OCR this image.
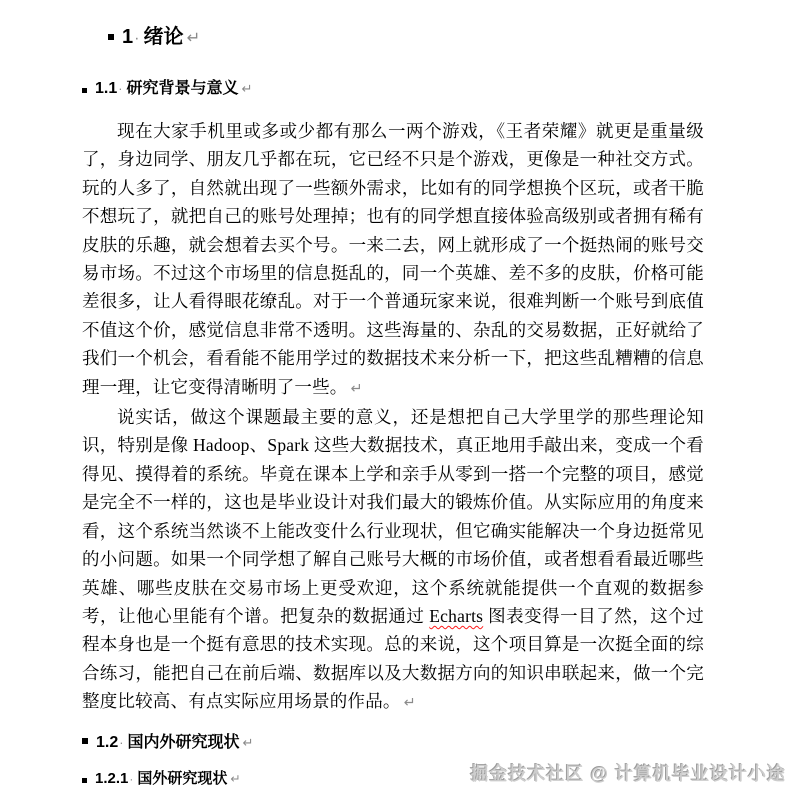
1· 绪论 ↵
1.1· 研究背景与意义 ↵

现在大家手机里或多或少都有那么一两个游戏，《王者荣耀》就更是重量级了，身边同学、朋友几乎都在玩，它已经不只是个游戏，更像是一种社交方式。玩的人多了，自然就出现了一些额外需求，比如有的同学想换个区玩，或者干脆不想玩了，就把自己的账号处理掉；也有的同学想直接体验高级别或者拥有稀有皮肤的乐趣，就会想着去买个号。一来二去，网上就形成了一个挺热闹的账号交易市场。不过这个市场里的信息挺乱的，同一个英雄、差不多的皮肤，价格可能差很多，让人看得眼花缭乱。对于一个普通玩家来说，很难判断一个账号到底值不值这个价，感觉信息非常不透明。这些海量的、杂乱的交易数据，正好就给了我们一个机会，看看能不能用学过的数据技术来分析一下，把这些乱糟糟的信息理一理，让它变得清晰明了一些。 ↵

说实话，做这个课题最主要的意义，还是想把自己大学里学的那些理论知识，特别是像 Hadoop、Spark 这些大数据技术，真正地用手敲出来，变成一个看得见、摸得着的系统。毕竟在课本上学和亲手从零到一搭一个完整的项目，感觉是完全不一样的，这也是毕业设计对我们最大的锻炼价值。从实际应用的角度来看，这个系统当然谈不上能改变什么行业现状，但它确实能解决一个身边挺常见的小问题。如果一个同学想了解自己账号大概的市场价值，或者想看看最近哪些英雄、哪些皮肤在交易市场上更受欢迎，这个系统就能提供一个直观的数据参考，让他心里能有个谱。把复杂的数据通过 Echarts 图表变得一目了然，这个过程本身也是一个挺有意思的技术实现。总的来说，这个项目算是一次挺全面的综合练习，能把自己在前后端、数据库以及大数据方向的知识串联起来，做一个完整度比较高、有点实际应用场景的作品。 ↵

1.2· 国内外研究现状 ↵
1.2.1· 国外研究现状 ↵	掘金技术社区 @ 计算机毕业设计小途
